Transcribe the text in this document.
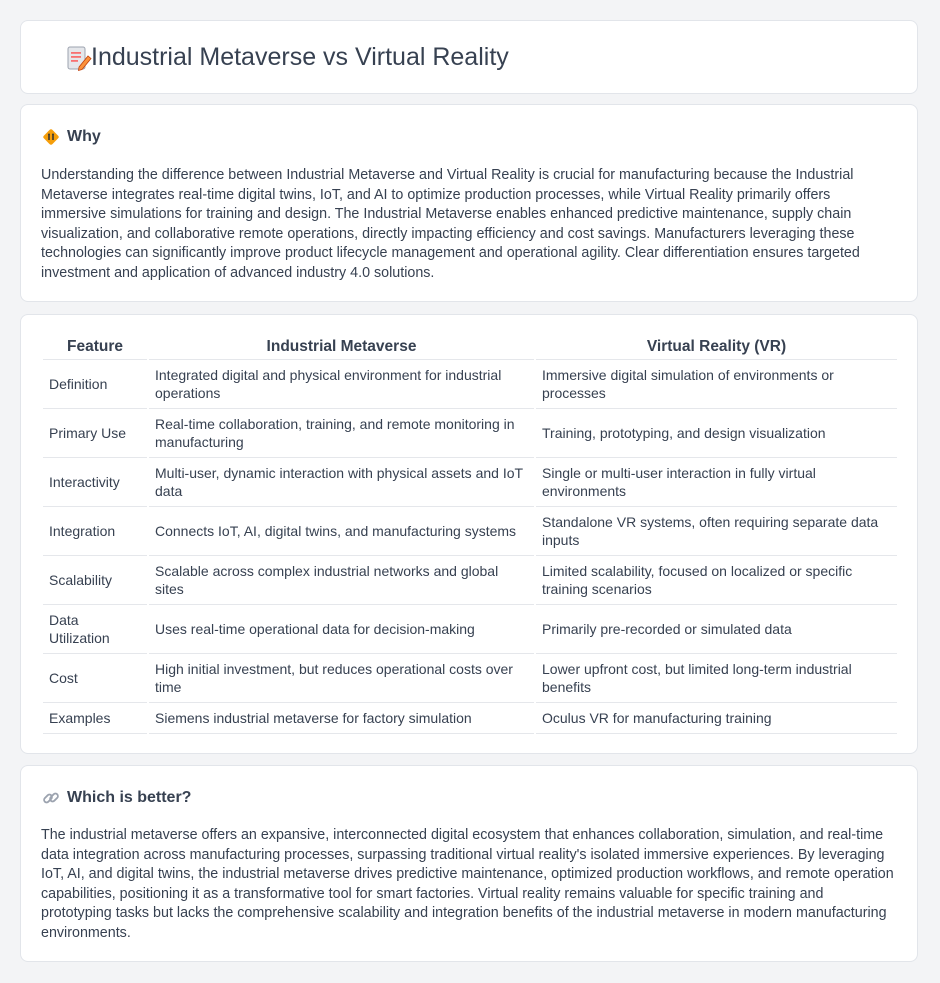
Industrial Metaverse vs Virtual Reality
Why

Understanding the difference between Industrial Metaverse and Virtual Reality is crucial for manufacturing because the Industrial Metaverse integrates real-time digital twins, IoT, and AI to optimize production processes, while Virtual Reality primarily offers immersive simulations for training and design. The Industrial Metaverse enables enhanced predictive maintenance, supply chain visualization, and collaborative remote operations, directly impacting efficiency and cost savings. Manufacturers leveraging these technologies can significantly improve product lifecycle management and operational agility. Clear differentiation ensures targeted investment and application of advanced industry 4.0 solutions.

Feature	Industrial Metaverse	Virtual Reality (VR)
Definition	Integrated digital and physical environment for industrial operations	Immersive digital simulation of environments or processes
Primary Use	Real-time collaboration, training, and remote monitoring in manufacturing	Training, prototyping, and design visualization
Interactivity	Multi-user, dynamic interaction with physical assets and IoT data	Single or multi-user interaction in fully virtual environments
Integration	Connects IoT, AI, digital twins, and manufacturing systems	Standalone VR systems, often requiring separate data inputs
Scalability	Scalable across complex industrial networks and global sites	Limited scalability, focused on localized or specific training scenarios
Data Utilization	Uses real-time operational data for decision-making	Primarily pre-recorded or simulated data
Cost	High initial investment, but reduces operational costs over time	Lower upfront cost, but limited long-term industrial benefits
Examples	Siemens industrial metaverse for factory simulation	Oculus VR for manufacturing training
Which is better?

The industrial metaverse offers an expansive, interconnected digital ecosystem that enhances collaboration, simulation, and real-time data integration across manufacturing processes, surpassing traditional virtual reality's isolated immersive experiences. By leveraging IoT, AI, and digital twins, the industrial metaverse drives predictive maintenance, optimized production workflows, and remote operation capabilities, positioning it as a transformative tool for smart factories. Virtual reality remains valuable for specific training and prototyping tasks but lacks the comprehensive scalability and integration benefits of the industrial metaverse in modern manufacturing environments.
